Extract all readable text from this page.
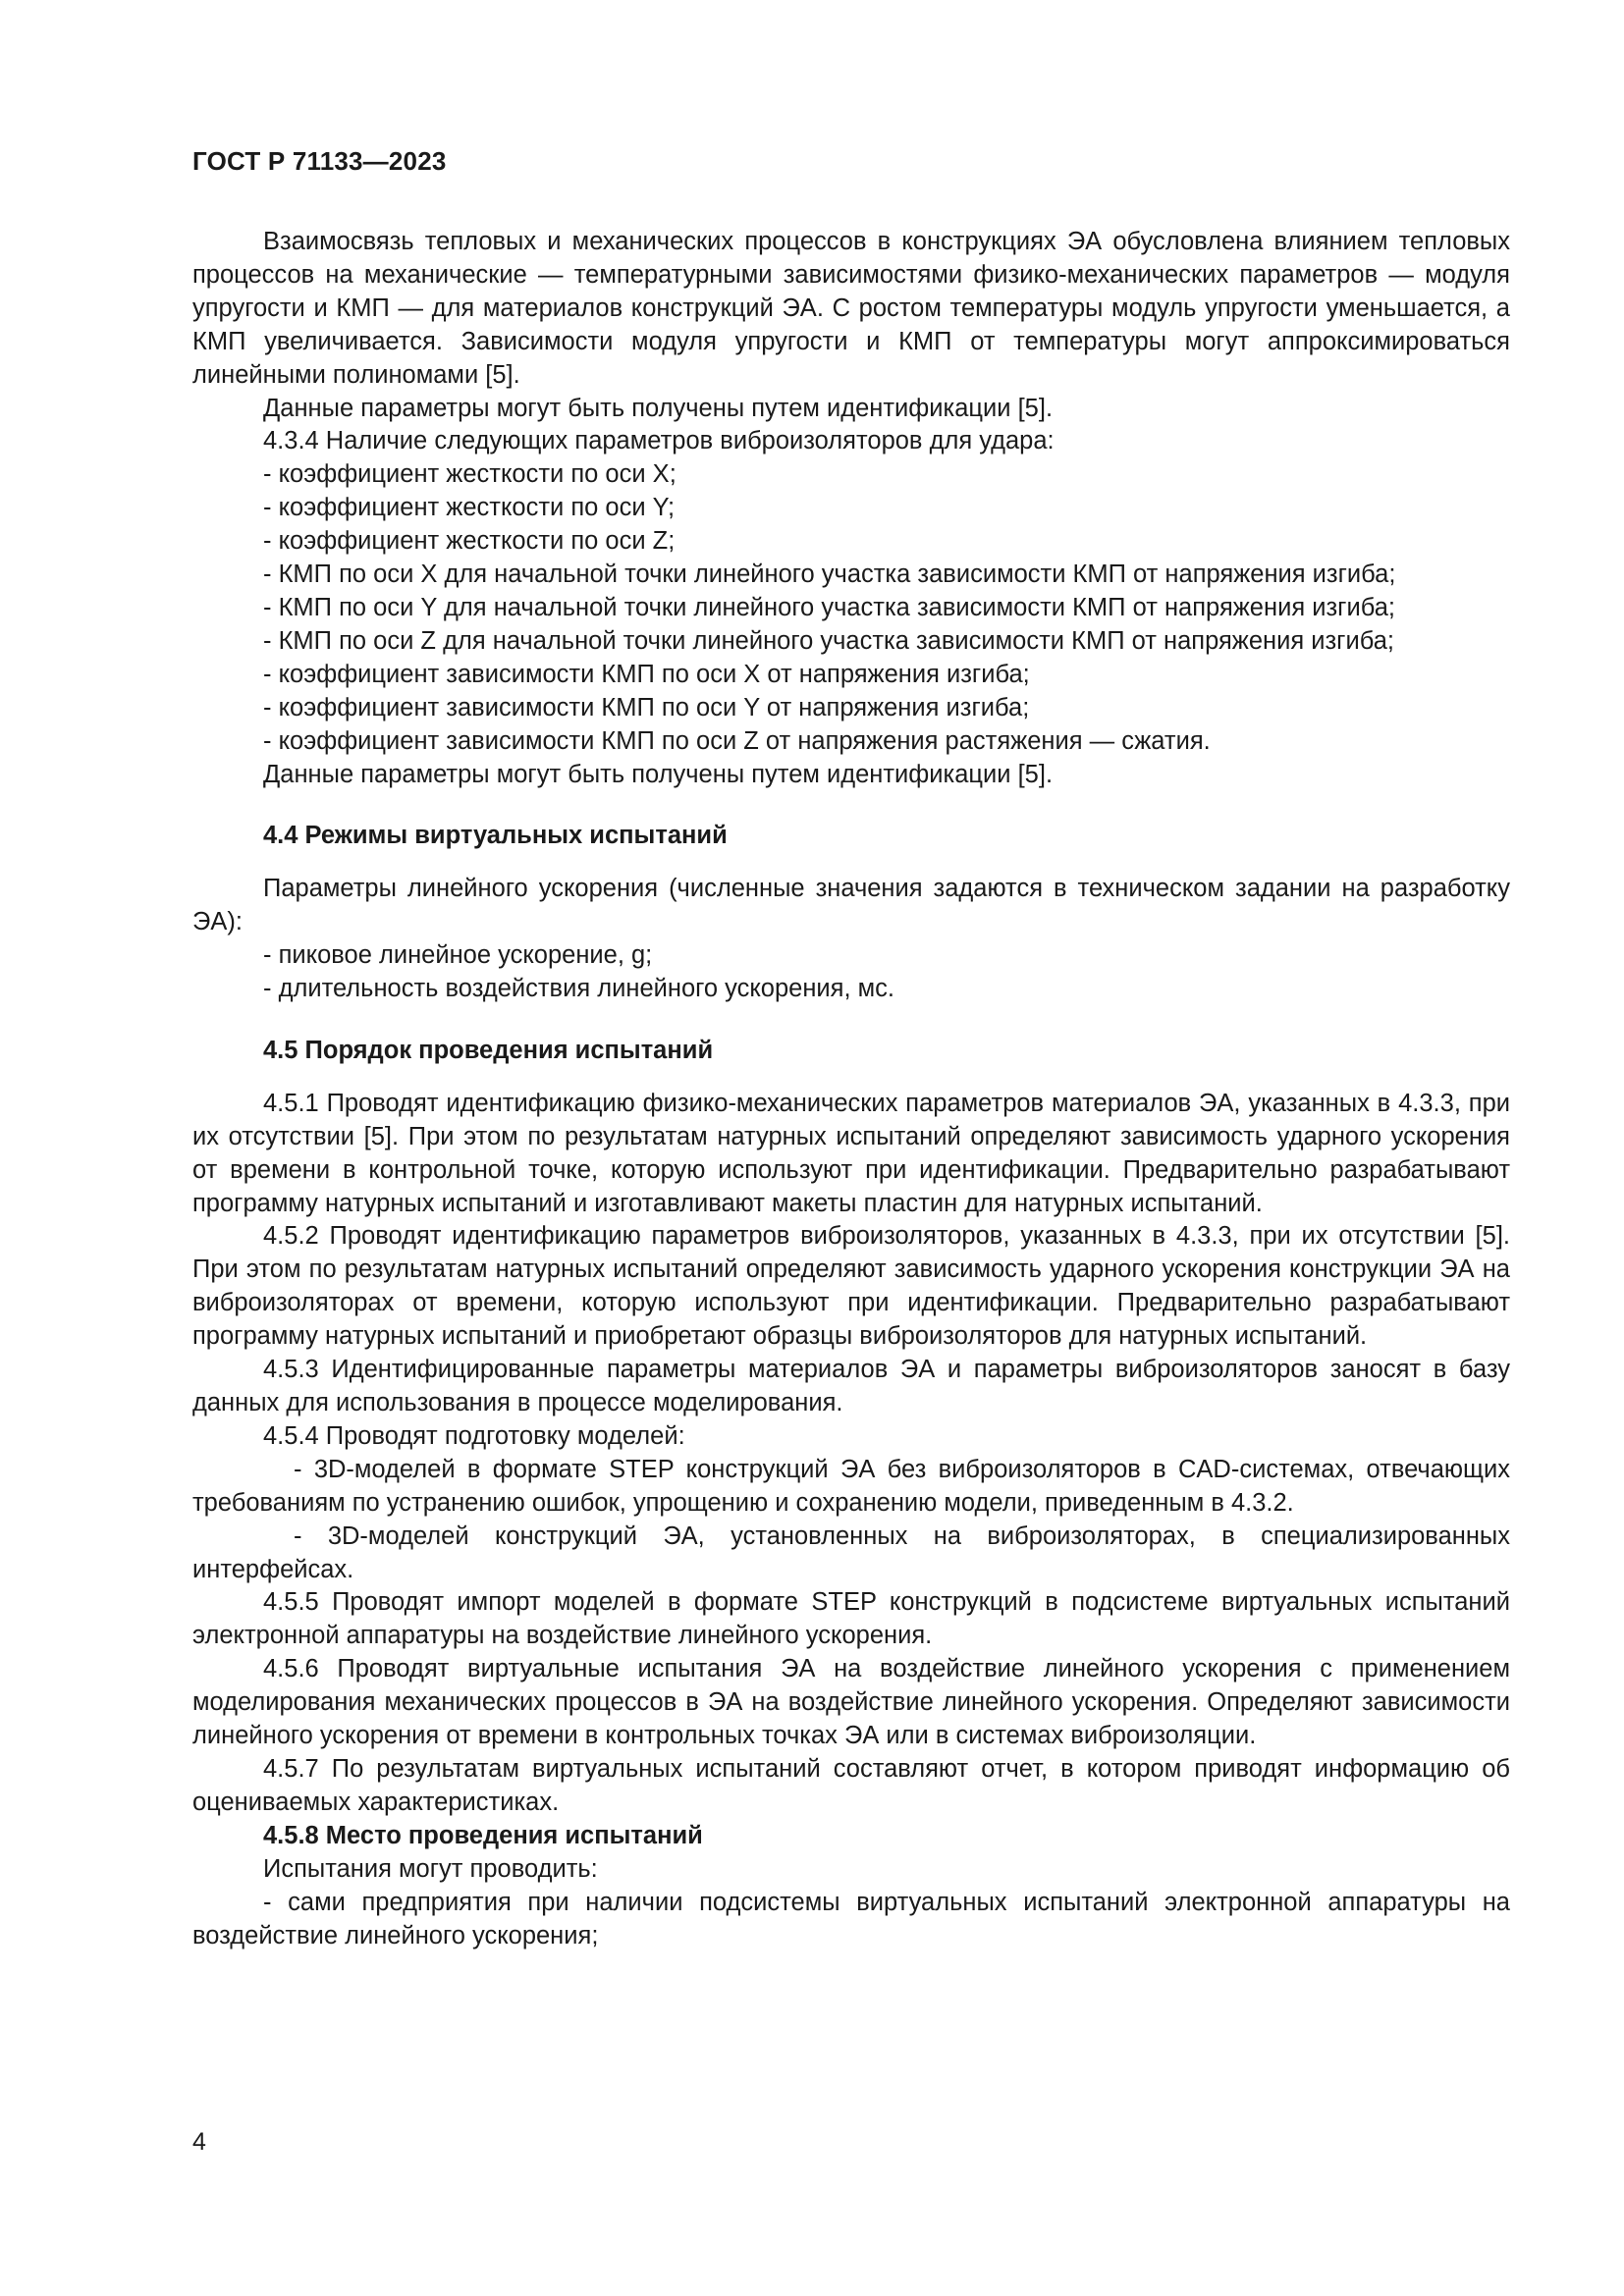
ГОСТ Р 71133—2023

Взаимосвязь тепловых и механических процессов в конструкциях ЭА обусловлена влиянием тепловых процессов на механические — температурными зависимостями физико-механических параметров — модуля упругости и КМП — для материалов конструкций ЭА. С ростом температуры модуль упругости уменьшается, а КМП увеличивается. Зависимости модуля упругости и КМП от температуры могут аппроксимироваться линейными полиномами [5].

Данные параметры могут быть получены путем идентификации [5].

4.3.4 Наличие следующих параметров виброизоляторов для удара:

- коэффициент жесткости по оси X;

- коэффициент жесткости по оси Y;

- коэффициент жесткости по оси Z;

- КМП по оси X для начальной точки линейного участка зависимости КМП от напряжения изгиба;

- КМП по оси Y для начальной точки линейного участка зависимости КМП от напряжения изгиба;

- КМП по оси Z для начальной точки линейного участка зависимости КМП от напряжения изгиба;

- коэффициент зависимости КМП по оси X от напряжения изгиба;

- коэффициент зависимости КМП по оси Y от напряжения изгиба;

- коэффициент зависимости КМП по оси Z от напряжения растяжения — сжатия.

Данные параметры могут быть получены путем идентификации [5].

4.4 Режимы виртуальных испытаний

Параметры линейного ускорения (численные значения задаются в техническом задании на разработку ЭА):

- пиковое линейное ускорение, g;

- длительность воздействия линейного ускорения, мс.

4.5 Порядок проведения испытаний

4.5.1 Проводят идентификацию физико-механических параметров материалов ЭА, указанных в 4.3.3, при их отсутствии [5]. При этом по результатам натурных испытаний определяют зависимость ударного ускорения от времени в контрольной точке, которую используют при идентификации. Предварительно разрабатывают программу натурных испытаний и изготавливают макеты пластин для натурных испытаний.

4.5.2 Проводят идентификацию параметров виброизоляторов, указанных в 4.3.3, при их отсутствии [5]. При этом по результатам натурных испытаний определяют зависимость ударного ускорения конструкции ЭА на виброизоляторах от времени, которую используют при идентификации. Предварительно разрабатывают программу натурных испытаний и приобретают образцы виброизоляторов для натурных испытаний.

4.5.3 Идентифицированные параметры материалов ЭА и параметры виброизоляторов заносят в базу данных для использования в процессе моделирования.

4.5.4 Проводят подготовку моделей:

- 3D-моделей в формате STEP конструкций ЭА без виброизоляторов в CAD-системах, отвечающих требованиям по устранению ошибок, упрощению и сохранению модели, приведенным в 4.3.2.

- 3D-моделей конструкций ЭА, установленных на виброизоляторах, в специализированных интерфейсах.

4.5.5 Проводят импорт моделей в формате STEP конструкций в подсистеме виртуальных испытаний электронной аппаратуры на воздействие линейного ускорения.

4.5.6 Проводят виртуальные испытания ЭА на воздействие линейного ускорения с применением моделирования механических процессов в ЭА на воздействие линейного ускорения. Определяют зависимости линейного ускорения от времени в контрольных точках ЭА или в системах виброизоляции.

4.5.7 По результатам виртуальных испытаний составляют отчет, в котором приводят информацию об оцениваемых характеристиках.

4.5.8 Место проведения испытаний

Испытания могут проводить:

- сами предприятия при наличии подсистемы виртуальных испытаний электронной аппаратуры на воздействие линейного ускорения;

4
